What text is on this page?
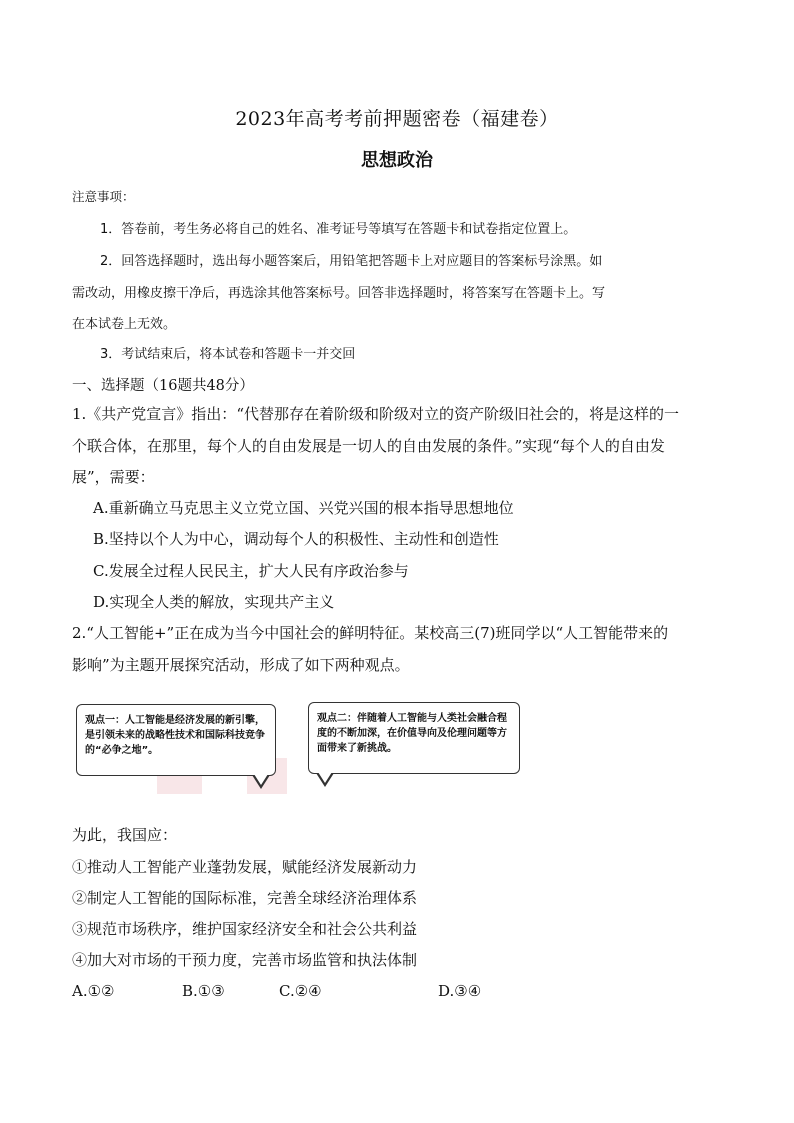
2023年高考考前押题密卷（福建卷）
思想政治
注意事项：
1．答卷前，考生务必将自己的姓名、准考证号等填写在答题卡和试卷指定位置上。
2．回答选择题时，选出每小题答案后，用铅笔把答题卡上对应题目的答案标号涂黑。如
需改动，用橡皮擦干净后，再选涂其他答案标号。回答非选择题时，将答案写在答题卡上。写
在本试卷上无效。
3．考试结束后，将本试卷和答题卡一并交回
一、选择题（16题共48分）
1.《共产党宣言》指出：“代替那存在着阶级和阶级对立的资产阶级旧社会的，将是这样的一
个联合体，在那里，每个人的自由发展是一切人的自由发展的条件。”实现“每个人的自由发
展”，需要：
A.重新确立马克思主义立党立国、兴党兴国的根本指导思想地位
B.坚持以个人为中心，调动每个人的积极性、主动性和创造性
C.发展全过程人民民主，扩大人民有序政治参与
D.实现全人类的解放，实现共产主义
2.“人工智能+”正在成为当今中国社会的鲜明特征。某校高三(7)班同学以“人工智能带来的
影响”为主题开展探究活动，形成了如下两种观点。
观点一：人工智能是经济发展的新引擎，是引领未来的战略性技术和国际科技竞争的“必争之地”。
观点二：伴随着人工智能与人类社会融合程度的不断加深，在价值导向及伦理问题等方面带来了新挑战。
为此，我国应：
①推动人工智能产业蓬勃发展，赋能经济发展新动力
②制定人工智能的国际标准，完善全球经济治理体系
③规范市场秩序，维护国家经济安全和社会公共利益
④加大对市场的干预力度，完善市场监管和执法体制
A.①②	B.①③	C.②④	D.③④
